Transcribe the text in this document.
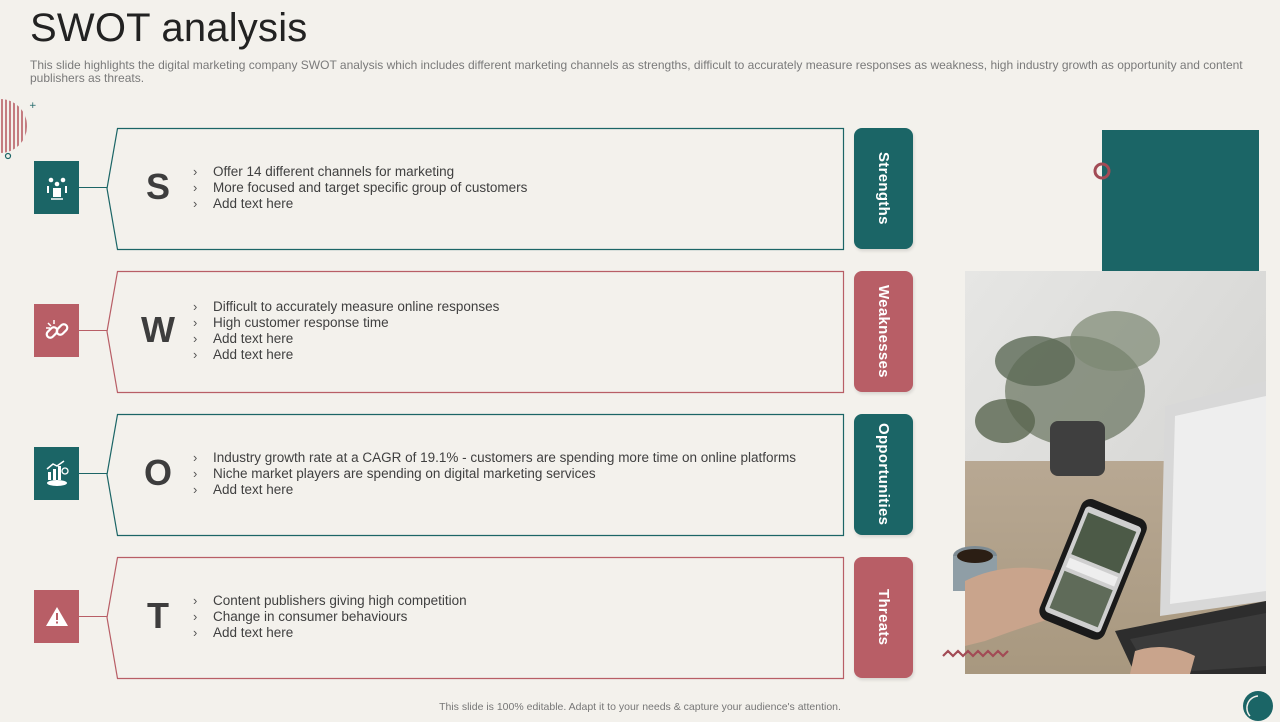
SWOT analysis
This slide highlights the digital marketing company SWOT analysis which includes different marketing channels as strengths, difficult to accurately measure responses as weakness, high industry growth as opportunity and content publishers as threats.
+
S	› Offer 14 different channels for marketing
› More focused and target specific group of customers
› Add text here	Strengths
W
› Difficult to accurately measure online responses
› High customer response time
› Add text here
› Add text here	Weaknesses
O	› Industry growth rate at a CAGR of 19.1% - customers are spending more time on online platforms
› Niche market players are spending on digital marketing services
› Add text here	Opportunities
T	› Content publishers giving high competition
› Change in consumer behaviours
› Add text here	Threats
This slide is 100% editable. Adapt it to your needs & capture your audience's attention.
